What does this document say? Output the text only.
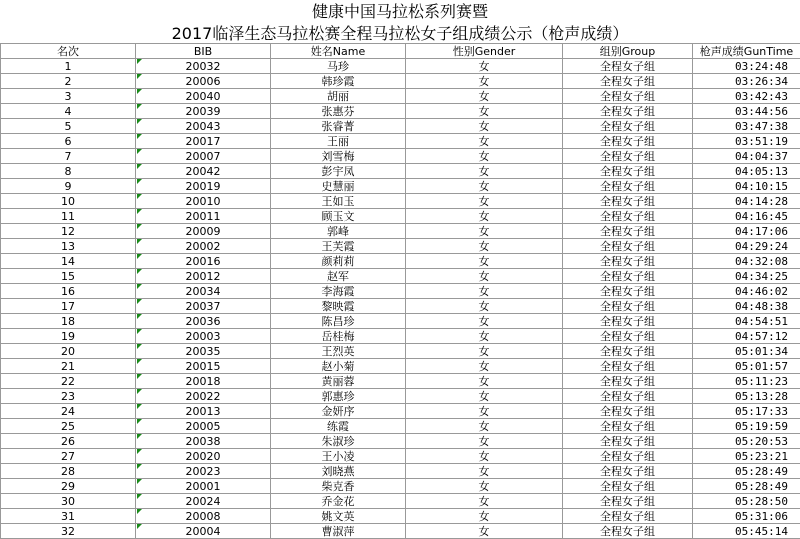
健康中国马拉松系列赛暨
2017临泽生态马拉松赛全程马拉松女子组成绩公示（枪声成绩）
名次	BIB	姓名Name	性别Gender	组别Group	枪声成绩GunTime
1	20032	马珍	女	全程女子组	03:24:48
2	20006	韩珍霞	女	全程女子组	03:26:34
3	20040	胡丽	女	全程女子组	03:42:43
4	20039	张惠芬	女	全程女子组	03:44:56
5	20043	张睿菁	女	全程女子组	03:47:38
6	20017	王丽	女	全程女子组	03:51:19
7	20007	刘雪梅	女	全程女子组	04:04:37
8	20042	彭宇凤	女	全程女子组	04:05:13
9	20019	史慧丽	女	全程女子组	04:10:15
10	20010	王如玉	女	全程女子组	04:14:28
11	20011	顾玉文	女	全程女子组	04:16:45
12	20009	郭峰	女	全程女子组	04:17:06
13	20002	王芙霞	女	全程女子组	04:29:24
14	20016	颜莉莉	女	全程女子组	04:32:08
15	20012	赵军	女	全程女子组	04:34:25
16	20034	李海霞	女	全程女子组	04:46:02
17	20037	黎映霞	女	全程女子组	04:48:38
18	20036	陈昌珍	女	全程女子组	04:54:51
19	20003	岳桂梅	女	全程女子组	04:57:12
20	20035	王烈英	女	全程女子组	05:01:34
21	20015	赵小菊	女	全程女子组	05:01:57
22	20018	黄丽蓉	女	全程女子组	05:11:23
23	20022	郭惠珍	女	全程女子组	05:13:28
24	20013	金妍序	女	全程女子组	05:17:33
25	20005	练霞	女	全程女子组	05:19:59
26	20038	朱淑珍	女	全程女子组	05:20:53
27	20020	王小凌	女	全程女子组	05:23:21
28	20023	刘晓燕	女	全程女子组	05:28:49
29	20001	柴克香	女	全程女子组	05:28:49
30	20024	乔金花	女	全程女子组	05:28:50
31	20008	姚文英	女	全程女子组	05:31:06
32	20004	曹淑萍	女	全程女子组	05:45:14
